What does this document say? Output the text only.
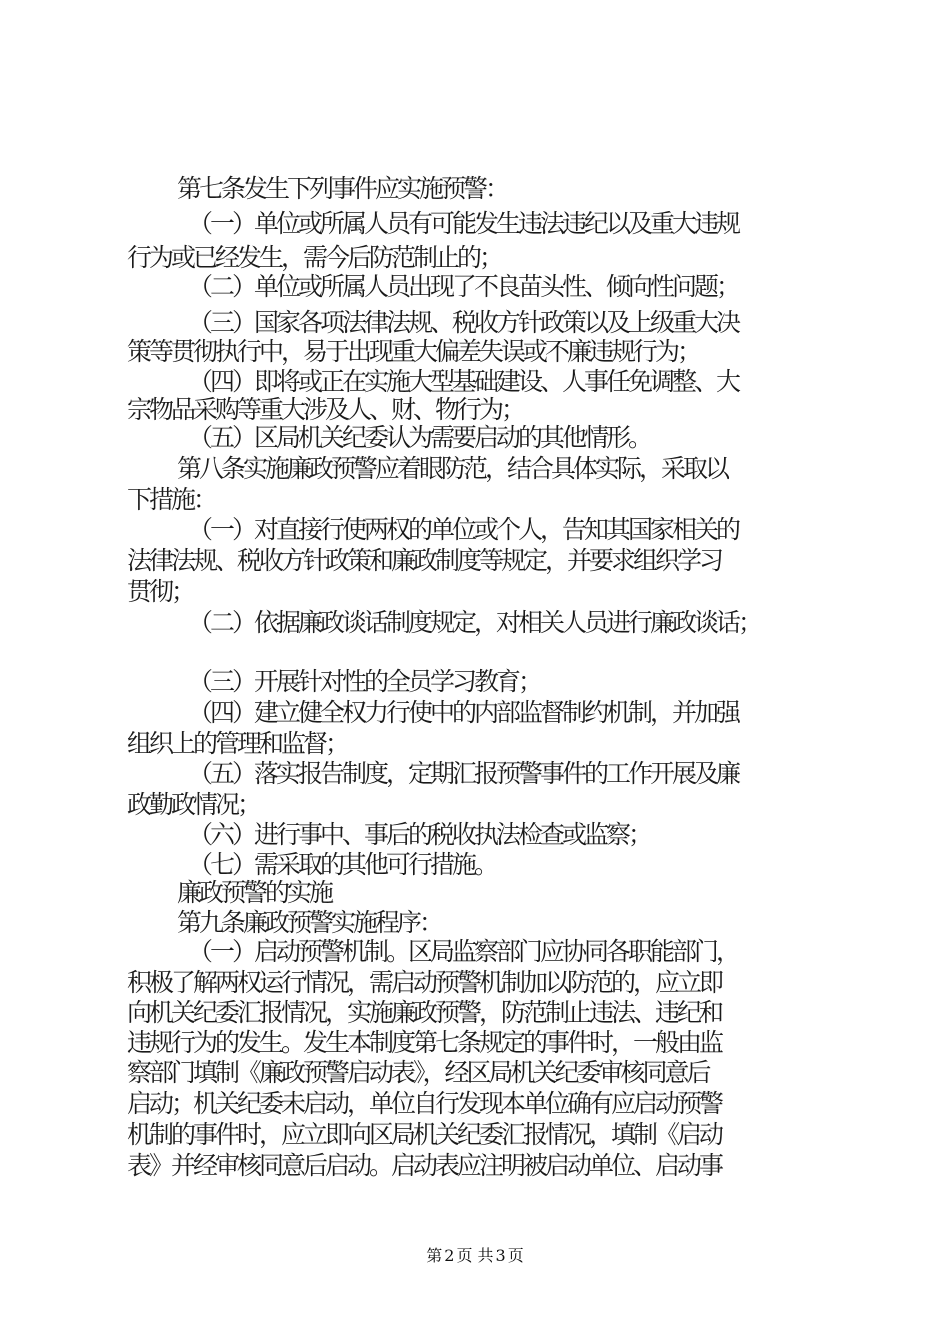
第七条发生下列事件应实施预警：
（一）单位或所属人员有可能发生违法违纪以及重大违规
行为或已经发生，需今后防范制止的；
（二）单位或所属人员出现了不良苗头性、倾向性问题；
（三）国家各项法律法规、税收方针政策以及上级重大决
策等贯彻执行中，易于出现重大偏差失误或不廉违规行为；
（四）即将或正在实施大型基础建设、人事任免调整、大
宗物品采购等重大涉及人、财、物行为；
（五）区局机关纪委认为需要启动的其他情形。
第八条实施廉政预警应着眼防范，结合具体实际，采取以
下措施：
（一）对直接行使两权的单位或个人，告知其国家相关的
法律法规、税收方针政策和廉政制度等规定，并要求组织学习
贯彻；
（二）依据廉政谈话制度规定，对相关人员进行廉政谈话；
（三）开展针对性的全员学习教育；
（四）建立健全权力行使中的内部监督制约机制，并加强
组织上的管理和监督；
（五）落实报告制度，定期汇报预警事件的工作开展及廉
政勤政情况；
（六）进行事中、事后的税收执法检查或监察；
（七）需采取的其他可行措施。
廉政预警的实施
第九条廉政预警实施程序：
（一）启动预警机制。区局监察部门应协同各职能部门，
积极了解两权运行情况，需启动预警机制加以防范的，应立即
向机关纪委汇报情况，实施廉政预警，防范制止违法、违纪和
违规行为的发生。发生本制度第七条规定的事件时，一般由监
察部门填制《廉政预警启动表》，经区局机关纪委审核同意后
启动；机关纪委未启动，单位自行发现本单位确有应启动预警
机制的事件时，应立即向区局机关纪委汇报情况，填制《启动
表》并经审核同意后启动。启动表应注明被启动单位、启动事
第 2 页 共 3 页
